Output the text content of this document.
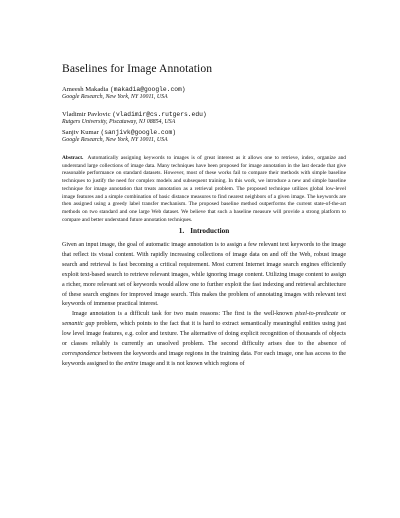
Baselines for Image Annotation
Ameesh Makadia (makadia@google.com)
Google Research, New York, NY 10011, USA
Vladimir Pavlovic (vladimir@cs.rutgers.edu)
Rutgers University, Piscataway, NJ 08854, USA
Sanjiv Kumar (sanjivk@google.com)
Google Research, New York, NY 10011, USA
Abstract. Automatically assigning keywords to images is of great interest as it allows one to retrieve, index, organize and understand large collections of image data. Many techniques have been proposed for image annotation in the last decade that give reasonable performance on standard datasets. However, most of these works fail to compare their methods with simple baseline techniques to justify the need for complex models and subsequent training. In this work, we introduce a new and simple baseline technique for image annotation that treats annotation as a retrieval problem. The proposed technique utilizes global low-level image features and a simple combination of basic distance measures to find nearest neighbors of a given image. The keywords are then assigned using a greedy label transfer mechanism. The proposed baseline method outperforms the current state-of-the-art methods on two standard and one large Web dataset. We believe that such a baseline measure will provide a strong platform to compare and better understand future annotation techniques.
1. Introduction

Given an input image, the goal of automatic image annotation is to assign a few relevant text keywords to the image that reflect its visual content. With rapidly increasing collections of image data on and off the Web, robust image search and retrieval is fast becoming a critical requirement. Most current Internet image search engines efficiently exploit text-based search to retrieve relevant images, while ignoring image content. Utilizing image content to assign a richer, more relevant set of keywords would allow one to further exploit the fast indexing and retrieval architecture of these search engines for improved image search. This makes the problem of annotating images with relevant text keywords of immense practical interest.

Image annotation is a difficult task for two main reasons: The first is the well-known pixel-to-predicate or semantic gap problem, which points to the fact that it is hard to extract semantically meaningful entities using just low level image features, e.g. color and texture. The alternative of doing explicit recognition of thousands of objects or classes reliably is currently an unsolved problem. The second difficulty arises due to the absence of correspondence between the keywords and image regions in the training data. For each image, one has access to the keywords assigned to the entire image and it is not known which regions of
